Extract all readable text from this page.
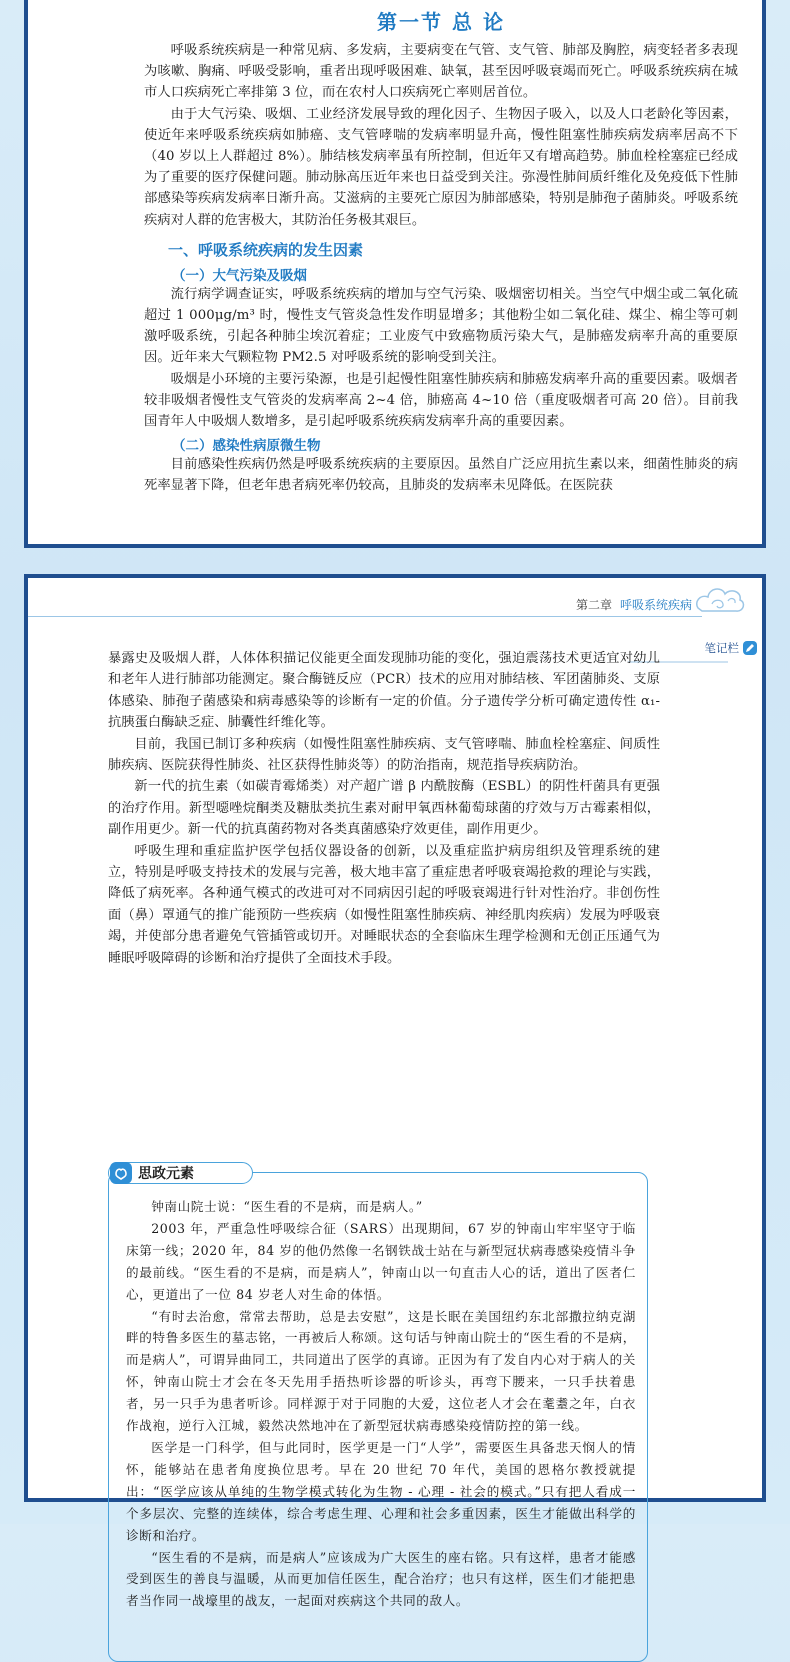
第一节 总 论

呼吸系统疾病是一种常见病、多发病，主要病变在气管、支气管、肺部及胸腔，病变轻者多表现为咳嗽、胸痛、呼吸受影响，重者出现呼吸困难、缺氧，甚至因呼吸衰竭而死亡。呼吸系统疾病在城市人口疾病死亡率排第 3 位，而在农村人口疾病死亡率则居首位。

由于大气污染、吸烟、工业经济发展导致的理化因子、生物因子吸入，以及人口老龄化等因素，使近年来呼吸系统疾病如肺癌、支气管哮喘的发病率明显升高，慢性阻塞性肺疾病发病率居高不下（40 岁以上人群超过 8%）。肺结核发病率虽有所控制，但近年又有增高趋势。肺血栓栓塞症已经成为了重要的医疗保健问题。肺动脉高压近年来也日益受到关注。弥漫性肺间质纤维化及免疫低下性肺部感染等疾病发病率日渐升高。艾滋病的主要死亡原因为肺部感染，特别是肺孢子菌肺炎。呼吸系统疾病对人群的危害极大，其防治任务极其艰巨。

一、呼吸系统疾病的发生因素
（一）大气污染及吸烟

流行病学调查证实，呼吸系统疾病的增加与空气污染、吸烟密切相关。当空气中烟尘或二氧化硫超过 1 000μg/m³ 时，慢性支气管炎急性发作明显增多；其他粉尘如二氧化硅、煤尘、棉尘等可刺激呼吸系统，引起各种肺尘埃沉着症；工业废气中致癌物质污染大气，是肺癌发病率升高的重要原因。近年来大气颗粒物 PM2.5 对呼吸系统的影响受到关注。

吸烟是小环境的主要污染源，也是引起慢性阻塞性肺疾病和肺癌发病率升高的重要因素。吸烟者较非吸烟者慢性支气管炎的发病率高 2~4 倍，肺癌高 4~10 倍（重度吸烟者可高 20 倍）。目前我国青年人中吸烟人数增多，是引起呼吸系统疾病发病率升高的重要因素。

（二）感染性病原微生物

目前感染性疾病仍然是呼吸系统疾病的主要原因。虽然自广泛应用抗生素以来，细菌性肺炎的病死率显著下降，但老年患者病死率仍较高，且肺炎的发病率未见降低。在医院获

第二章 呼吸系统疾病
笔记栏

暴露史及吸烟人群，人体体积描记仪能更全面发现肺功能的变化，强迫震荡技术更适宜对幼儿和老年人进行肺部功能测定。聚合酶链反应（PCR）技术的应用对肺结核、军团菌肺炎、支原体感染、肺孢子菌感染和病毒感染等的诊断有一定的价值。分子遗传学分析可确定遗传性 α₁- 抗胰蛋白酶缺乏症、肺囊性纤维化等。

目前，我国已制订多种疾病（如慢性阻塞性肺疾病、支气管哮喘、肺血栓栓塞症、间质性肺疾病、医院获得性肺炎、社区获得性肺炎等）的防治指南，规范指导疾病防治。

新一代的抗生素（如碳青霉烯类）对产超广谱 β 内酰胺酶（ESBL）的阴性杆菌具有更强的治疗作用。新型噁唑烷酮类及糖肽类抗生素对耐甲氧西林葡萄球菌的疗效与万古霉素相似，副作用更少。新一代的抗真菌药物对各类真菌感染疗效更佳，副作用更少。

呼吸生理和重症监护医学包括仪器设备的创新，以及重症监护病房组织及管理系统的建立，特别是呼吸支持技术的发展与完善，极大地丰富了重症患者呼吸衰竭抢救的理论与实践，降低了病死率。各种通气模式的改进可对不同病因引起的呼吸衰竭进行针对性治疗。非创伤性面（鼻）罩通气的推广能预防一些疾病（如慢性阻塞性肺疾病、神经肌肉疾病）发展为呼吸衰竭，并使部分患者避免气管插管或切开。对睡眠状态的全套临床生理学检测和无创正压通气为睡眠呼吸障碍的诊断和治疗提供了全面技术手段。

思政元素

钟南山院士说：“医生看的不是病，而是病人。”

2003 年，严重急性呼吸综合征（SARS）出现期间，67 岁的钟南山牢牢坚守于临床第一线；2020 年，84 岁的他仍然像一名钢铁战士站在与新型冠状病毒感染疫情斗争的最前线。“医生看的不是病，而是病人”，钟南山以一句直击人心的话，道出了医者仁心，更道出了一位 84 岁老人对生命的体悟。

“有时去治愈，常常去帮助，总是去安慰”，这是长眠在美国纽约东北部撒拉纳克湖畔的特鲁多医生的墓志铭，一再被后人称颂。这句话与钟南山院士的“医生看的不是病，而是病人”，可谓异曲同工，共同道出了医学的真谛。正因为有了发自内心对于病人的关怀，钟南山院士才会在冬天先用手捂热听诊器的听诊头，再弯下腰来，一只手扶着患者，另一只手为患者听诊。同样源于对于同胞的大爱，这位老人才会在耄耋之年，白衣作战袍，逆行入江城，毅然决然地冲在了新型冠状病毒感染疫情防控的第一线。

医学是一门科学，但与此同时，医学更是一门“人学”，需要医生具备悲天悯人的情怀，能够站在患者角度换位思考。早在 20 世纪 70 年代，美国的恩格尔教授就提出：“医学应该从单纯的生物学模式转化为生物 - 心理 - 社会的模式。”只有把人看成一个多层次、完整的连续体，综合考虑生理、心理和社会多重因素，医生才能做出科学的诊断和治疗。

“医生看的不是病，而是病人”应该成为广大医生的座右铭。只有这样，患者才能感受到医生的善良与温暖，从而更加信任医生，配合治疗；也只有这样，医生们才能把患者当作同一战壕里的战友，一起面对疾病这个共同的敌人。
